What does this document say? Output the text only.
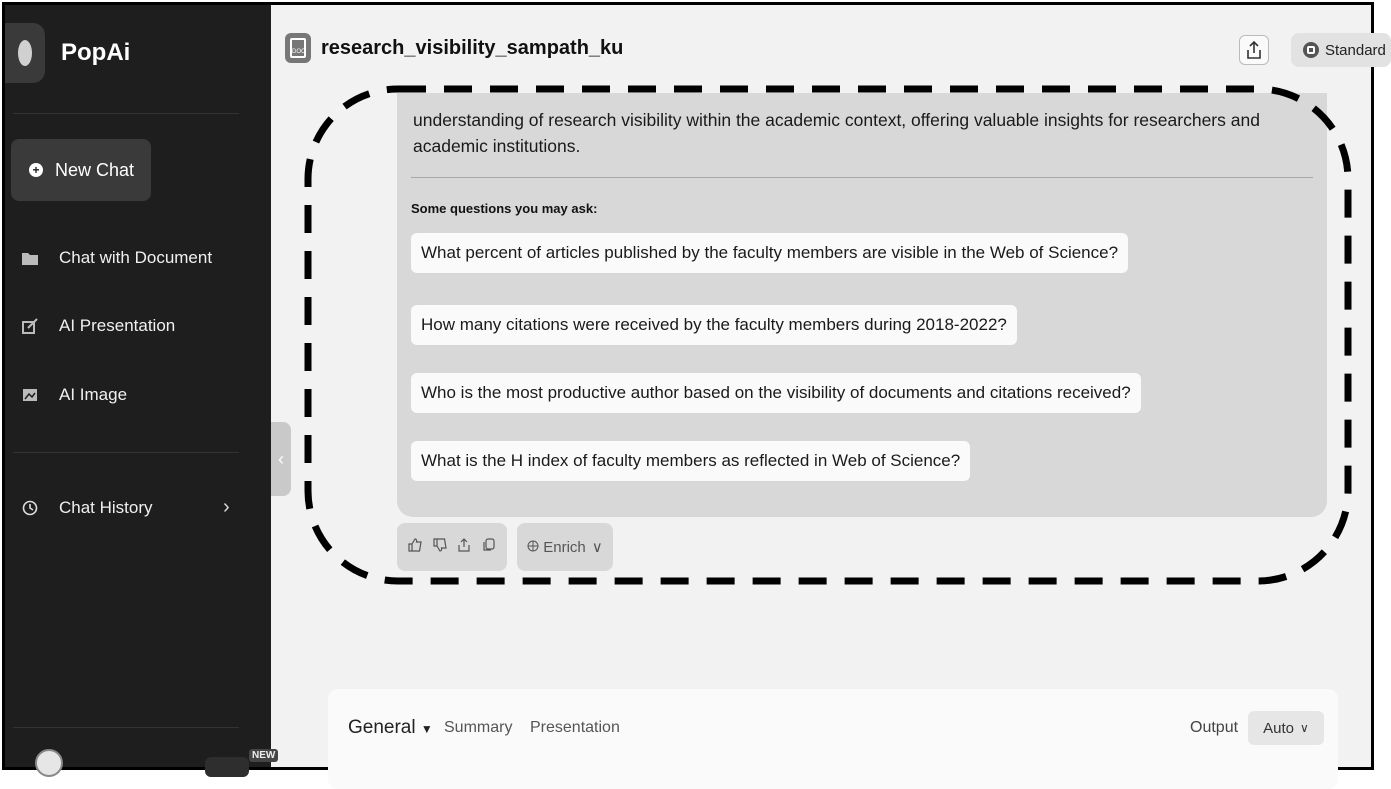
PopAi
+ New Chat
Chat with Document
AI Presentation
AI Image
Chat History	›
NEW
‹
DOC research_visibility_sampath_ku	Standard
understanding of research visibility within the academic context, offering valuable insights for researchers and academic institutions.
Some questions you may ask:
What percent of articles published by the faculty members are visible in the Web of Science?
How many citations were received by the faculty members during 2018-2022?
Who is the most productive author based on the visibility of documents and citations received?
What is the H index of faculty members as reflected in Web of Science?
Enrich ∨
General ▼ Summary Presentation	Output Auto ∨
